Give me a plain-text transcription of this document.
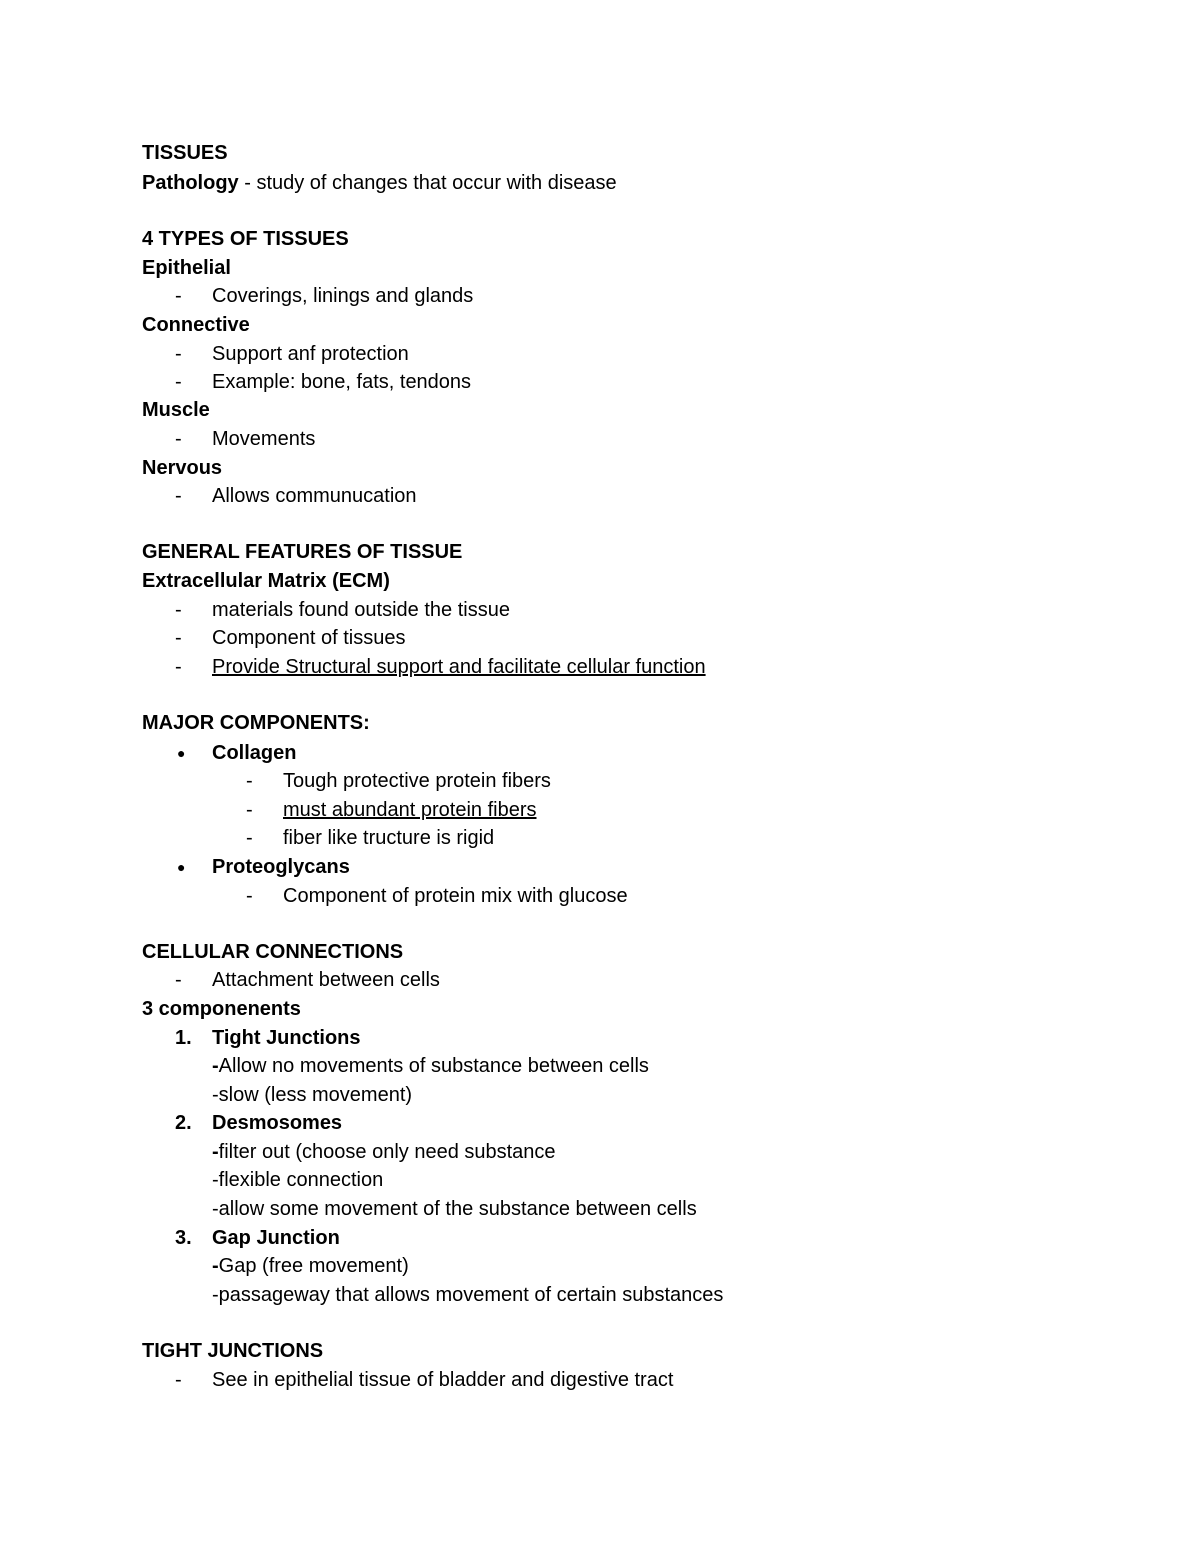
TISSUES
Pathology - study of changes that occur with disease
4 TYPES OF TISSUES
Epithelial
- Coverings, linings and glands
Connective
- Support anf protection
- Example: bone, fats, tendons
Muscle
- Movements
Nervous
- Allows communucation
GENERAL FEATURES OF TISSUE
Extracellular Matrix (ECM)
- materials found outside the tissue
- Component of tissues
- Provide Structural support and facilitate cellular function
MAJOR COMPONENTS:
● Collagen
- Tough protective protein fibers
- must abundant protein fibers
- fiber like tructure is rigid
● Proteoglycans
- Component of protein mix with glucose
CELLULAR CONNECTIONS
- Attachment between cells
3 componenents
1. Tight Junctions
-Allow no movements of substance between cells
-slow (less movement)
2. Desmosomes
-filter out (choose only need substance
-flexible connection
-allow some movement of the substance between cells
3. Gap Junction
-Gap (free movement)
-passageway that allows movement of certain substances
TIGHT JUNCTIONS
- See in epithelial tissue of bladder and digestive tract
